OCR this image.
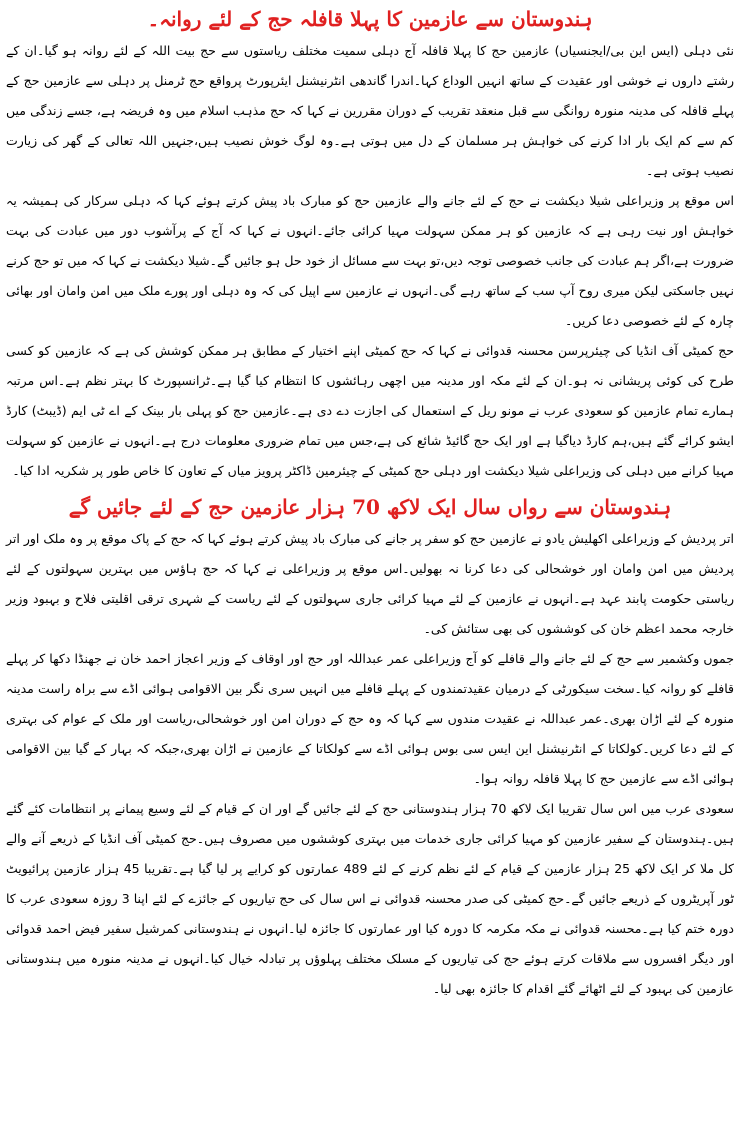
ہندوستان سے عازمین کا پہلا قافلہ حج کے لئے روانہ۔

نئی دہلی (ایس این بی/ایجنسیاں) عازمین حج کا پہلا قافلہ آج دہلی سمیت مختلف ریاستوں سے حج بیت اللہ کے لئے روانہ ہو گیا۔ان کے رشتے داروں نے خوشی اور عقیدت کے ساتھ انہیں الوداع کہا۔اندرا گاندھی انٹرنیشنل ایئرپورٹ پرواقع حج ٹرمنل پر دہلی سے عازمین حج کے پہلے قافلہ کی مدینہ منورہ روانگی سے قبل منعقد تقریب کے دوران مقررین نے کہا کہ حج مذہب اسلام میں وہ فریضہ ہے، جسے زندگی میں کم سے کم ایک بار ادا کرنے کی خواہش ہر مسلمان کے دل میں ہوتی ہے۔وہ لوگ خوش نصیب ہیں،جنہیں اللہ تعالی کے گھر کی زیارت نصیب ہوتی ہے۔

اس موقع پر وزیراعلی شیلا دیکشت نے حج کے لئے جانے والے عازمین حج کو مبارک باد پیش کرتے ہوئے کہا کہ دہلی سرکار کی ہمیشہ یہ خواہش اور نیت رہی ہے کہ عازمین کو ہر ممکن سہولت مہیا کرائی جائے۔انہوں نے کہا کہ آج کے پرآشوب دور میں عبادت کی بہت ضرورت ہے،اگر ہم عبادت کی جانب خصوصی توجہ دیں،تو بہت سے مسائل از خود حل ہو جائیں گے۔شیلا دیکشت نے کہا کہ میں تو حج کرنے نہیں جاسکتی لیکن میری روح آپ سب کے ساتھ رہے گی۔انہوں نے عازمین سے اپیل کی کہ وہ دہلی اور پورے ملک میں امن وامان اور بھائی چارہ کے لئے خصوصی دعا کریں۔

حج کمیٹی آف انڈیا کی چیئرپرسن محسنہ قدوائی نے کہا کہ حج کمیٹی اپنے اختیار کے مطابق ہر ممکن کوشش کی ہے کہ عازمین کو کسی طرح کی کوئی پریشانی نہ ہو۔ان کے لئے مکہ اور مدینہ میں اچھی رہائشوں کا انتظام کیا گیا ہے۔ٹرانسپورٹ کا بہتر نظم ہے۔اس مرتبہ ہمارے تمام عازمین کو سعودی عرب نے مونو ریل کے استعمال کی اجازت دے دی ہے۔عازمین حج کو پہلی بار بینک کے اے ٹی ایم (ڈیبٹ) کارڈ ایشو کرائے گئے ہیں،ہم کارڈ دیاگیا ہے اور ایک حج گائیڈ شائع کی ہے،جس میں تمام ضروری معلومات درج ہے۔انہوں نے عازمین کو سہولت مہیا کرانے میں دہلی کی وزیراعلی شیلا دیکشت اور دہلی حج کمیٹی کے چیئرمین ڈاکٹر پرویز میاں کے تعاون کا خاص طور پر شکریہ ادا کیا۔

ہندوستان سے رواں سال ایک لاکھ 70 ہزار عازمین حج کے لئے جائیں گے

اتر پردیش کے وزیراعلی اکھلیش یادو نے عازمین حج کو سفر پر جانے کی مبارک باد پیش کرتے ہوئے کہا کہ حج کے پاک موقع پر وہ ملک اور اتر پردیش میں امن وامان اور خوشحالی کی دعا کرنا نہ بھولیں۔اس موقع پر وزیراعلی نے کہا کہ حج ہاؤس میں بہترین سہولتوں کے لئے ریاستی حکومت پابند عہد ہے۔انہوں نے عازمین کے لئے مہیا کرائی جاری سہولتوں کے لئے ریاست کے شہری ترقی اقلیتی فلاح و بہبود وزیر خارجہ محمد اعظم خان کی کوششوں کی بھی ستائش کی۔

جموں وکشمیر سے حج کے لئے جانے والے قافلے کو آج وزیراعلی عمر عبداللہ اور حج اور اوقاف کے وزیر اعجاز احمد خان نے جھنڈا دکھا کر پہلے قافلے کو روانہ کیا۔سخت سیکورٹی کے درمیان عقیدتمندوں کے پہلے قافلے میں انہیں سری نگر بین الاقوامی ہوائی اڈے سے براہ راست مدینہ منورہ کے لئے اڑان بھری۔عمر عبداللہ نے عقیدت مندوں سے کہا کہ وہ حج کے دوران امن اور خوشحالی،ریاست اور ملک کے عوام کی بہتری کے لئے دعا کریں۔کولکاتا کے انٹرنیشنل این ایس سی بوس ہوائی اڈے سے کولکاتا کے عازمین نے اڑان بھری،جبکہ کہ بہار کے گیا بین الاقوامی ہوائی اڈے سے عازمین حج کا پہلا قافلہ روانہ ہوا۔

سعودی عرب میں اس سال تقریبا ایک لاکھ 70 ہزار ہندوستانی حج کے لئے جائیں گے اور ان کے قیام کے لئے وسیع پیمانے پر انتظامات کئے گئے ہیں۔ہندوستان کے سفیر عازمین کو مہیا کرائی جاری خدمات میں بہتری کوششوں میں مصروف ہیں۔حج کمیٹی آف انڈیا کے ذریعے آنے والے کل ملا کر ایک لاکھ 25 ہزار عازمین کے قیام کے لئے نظم کرنے کے لئے 489 عمارتوں کو کرایے پر لیا گیا ہے۔تقریبا 45 ہزار عازمین پرائیویٹ ٹور آپریٹروں کے ذریعے جائیں گے۔حج کمیٹی کی صدر محسنہ قدوائی نے اس سال کی حج تیاریوں کے جائزے کے لئے اپنا 3 روزہ سعودی عرب کا دورہ ختم کیا ہے۔محسنہ قدوائی نے مکہ مکرمہ کا دورہ کیا اور عمارتوں کا جائزہ لیا۔انہوں نے ہندوستانی کمرشیل سفیر فیض احمد قدوائی اور دیگر افسروں سے ملاقات کرتے ہوئے حج کی تیاریوں کے مسلک مختلف پہلوؤں پر تبادلہ خیال کیا۔انہوں نے مدینہ منورہ میں ہندوستانی عازمین کی بہبود کے لئے اٹھائے گئے اقدام کا جائزہ بھی لیا۔
